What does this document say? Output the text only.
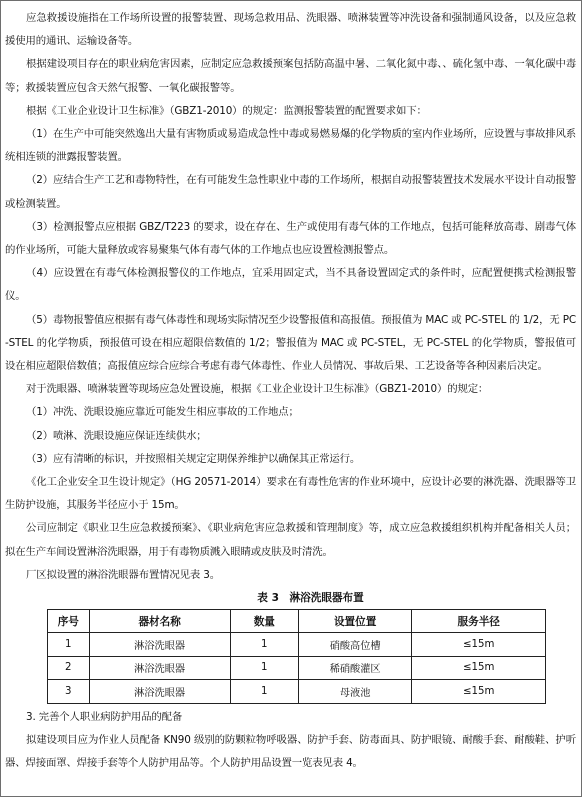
应急救援设施指在工作场所设置的报警装置、现场急救用品、洗眼器、喷淋装置等冲洗设备和强制通风设备，以及应急救援使用的通讯、运输设备等。

根据建设项目存在的职业病危害因素，应制定应急救援预案包括防高温中暑、二氧化氮中毒、、硫化氢中毒、一氧化碳中毒等；救援装置应包含天然气报警、一氧化碳报警等。

根据《工业企业设计卫生标准》（GBZ1-2010）的规定：监测报警装置的配置要求如下：

（1）在生产中可能突然逸出大量有害物质或易造成急性中毒或易燃易爆的化学物质的室内作业场所，应设置与事故排风系统相连锁的泄露报警装置。

（2）应结合生产工艺和毒物特性，在有可能发生急性职业中毒的工作场所，根据自动报警装置技术发展水平设计自动报警或检测装置。

（3）检测报警点应根据 GBZ/T223 的要求，设在存在、生产或使用有毒气体的工作地点，包括可能释放高毒、剧毒气体的作业场所，可能大量释放或容易聚集气体有毒气体的工作地点也应设置检测报警点。

（4）应设置在有毒气体检测报警仪的工作地点，宜采用固定式，当不具备设置固定式的条件时，应配置便携式检测报警仪。

（5）毒物报警值应根据有毒气体毒性和现场实际情况至少设警报值和高报值。预报值为 MAC 或 PC-STEL 的 1/2，无 PC-STEL 的化学物质，预报值可设在相应超限倍数值的 1/2；警报值为 MAC 或 PC-STEL，无 PC-STEL 的化学物质，警报值可设在相应超限倍数值；高报值应综合应综合考虑有毒气体毒性、作业人员情况、事故后果、工艺设备等各种因素后决定。

对于洗眼器、喷淋装置等现场应急处置设施，根据《工业企业设计卫生标准》（GBZ1-2010）的规定：

（1）冲洗、洗眼设施应靠近可能发生相应事故的工作地点；

（2）喷淋、洗眼设施应保证连续供水；

（3）应有清晰的标识，并按照相关规定定期保养维护以确保其正常运行。

《化工企业安全卫生设计规定》（HG 20571-2014）要求在有毒性危害的作业环境中，应设计必要的淋洗器、洗眼器等卫生防护设施，其服务半径应小于 15m。

公司应制定《职业卫生应急救援预案》、《职业病危害应急救援和管理制度》等，成立应急救援组织机构并配备相关人员；拟在生产车间设置淋浴洗眼器，用于有毒物质溅入眼睛或皮肤及时清洗。

厂区拟设置的淋浴洗眼器布置情况见表 3。

表 3　淋浴洗眼器布置

序号	器材名称	数量	设置位置	服务半径
1	淋浴洗眼器	1	硝酸高位槽	≤15m
2	淋浴洗眼器	1	稀硝酸灌区	≤15m
3	淋浴洗眼器	1	母液池	≤15m

3. 完善个人职业病防护用品的配备

拟建设项目应为作业人员配备 KN90 级别的防颗粒物呼吸器、防护手套、防毒面具、防护眼镜、耐酸手套、耐酸鞋、护听器、焊接面罩、焊接手套等个人防护用品等。个人防护用品设置一览表见表 4。
